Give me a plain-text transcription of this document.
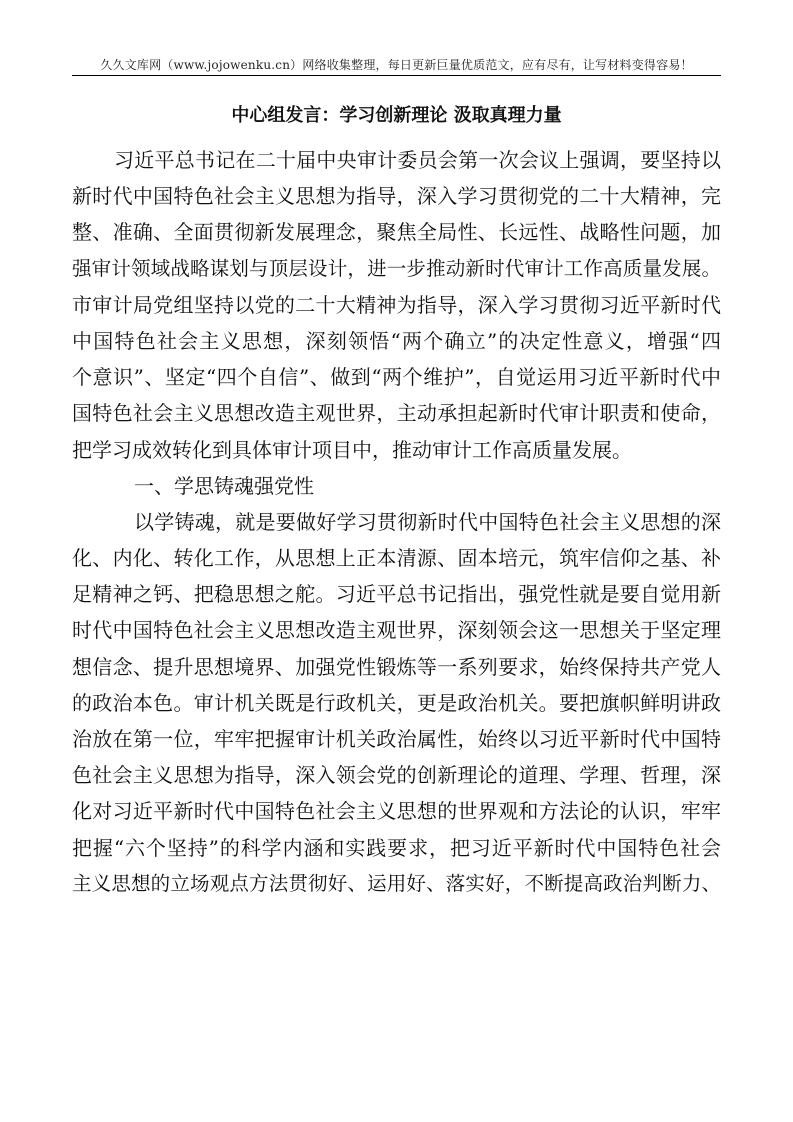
久久文库网（www.jojowenku.cn）网络收集整理，每日更新巨量优质范文，应有尽有，让写材料变得容易！
中心组发言：学习创新理论 汲取真理力量
习近平总书记在二十届中央审计委员会第一次会议上强调，要坚持以
新时代中国特色社会主义思想为指导，深入学习贯彻党的二十大精神，完
整、准确、全面贯彻新发展理念，聚焦全局性、长远性、战略性问题，加
强审计领域战略谋划与顶层设计，进一步推动新时代审计工作高质量发展。
市审计局党组坚持以党的二十大精神为指导，深入学习贯彻习近平新时代
中国特色社会主义思想，深刻领悟“两个确立”的决定性意义，增强“四
个意识”、坚定“四个自信”、做到“两个维护”，自觉运用习近平新时代中
国特色社会主义思想改造主观世界，主动承担起新时代审计职责和使命，
把学习成效转化到具体审计项目中，推动审计工作高质量发展。
一、学思铸魂强党性
以学铸魂，就是要做好学习贯彻新时代中国特色社会主义思想的深
化、内化、转化工作，从思想上正本清源、固本培元，筑牢信仰之基、补
足精神之钙、把稳思想之舵。习近平总书记指出，强党性就是要自觉用新
时代中国特色社会主义思想改造主观世界，深刻领会这一思想关于坚定理
想信念、提升思想境界、加强党性锻炼等一系列要求，始终保持共产党人
的政治本色。审计机关既是行政机关，更是政治机关。要把旗帜鲜明讲政
治放在第一位，牢牢把握审计机关政治属性，始终以习近平新时代中国特
色社会主义思想为指导，深入领会党的创新理论的道理、学理、哲理，深
化对习近平新时代中国特色社会主义思想的世界观和方法论的认识，牢牢
把握“六个坚持”的科学内涵和实践要求，把习近平新时代中国特色社会
主义思想的立场观点方法贯彻好、运用好、落实好，不断提高政治判断力、
